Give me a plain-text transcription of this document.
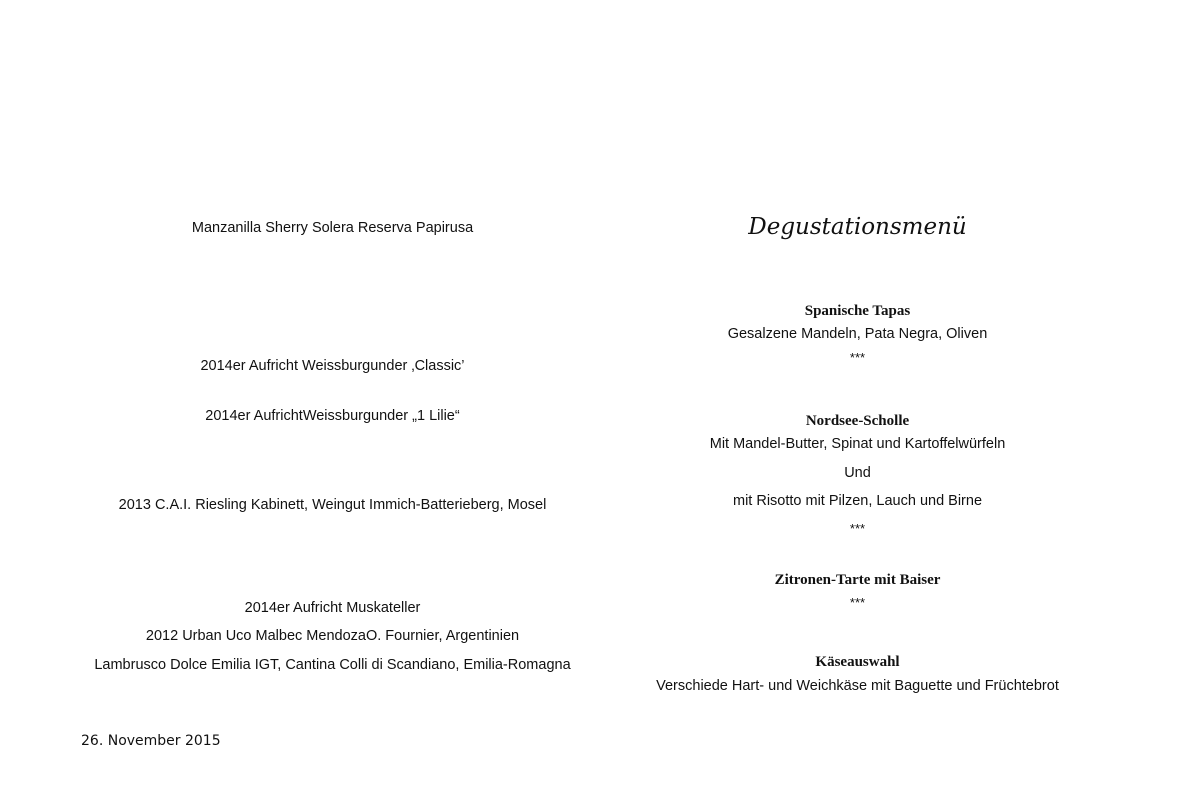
Manzanilla Sherry Solera Reserva Papirusa
2014er Aufricht Weissburgunder ‚Classic’
2014er AufrichtWeissburgunder „1 Lilie“
2013 C.A.I. Riesling Kabinett, Weingut Immich-Batterieberg, Mosel
2014er Aufricht Muskateller
2012 Urban Uco Malbec MendozaO. Fournier, Argentinien
Lambrusco Dolce Emilia IGT, Cantina Colli di Scandiano, Emilia-Romagna
26. November 2015
Degustationsmenü
Spanische Tapas
Gesalzene Mandeln, Pata Negra, Oliven
***
Nordsee-Scholle
Mit Mandel-Butter, Spinat und Kartoffelwürfeln
Und
mit Risotto mit Pilzen, Lauch und Birne
***
Zitronen-Tarte mit Baiser
***
Käseauswahl
Verschiede Hart- und Weichkäse mit Baguette und Früchtebrot
